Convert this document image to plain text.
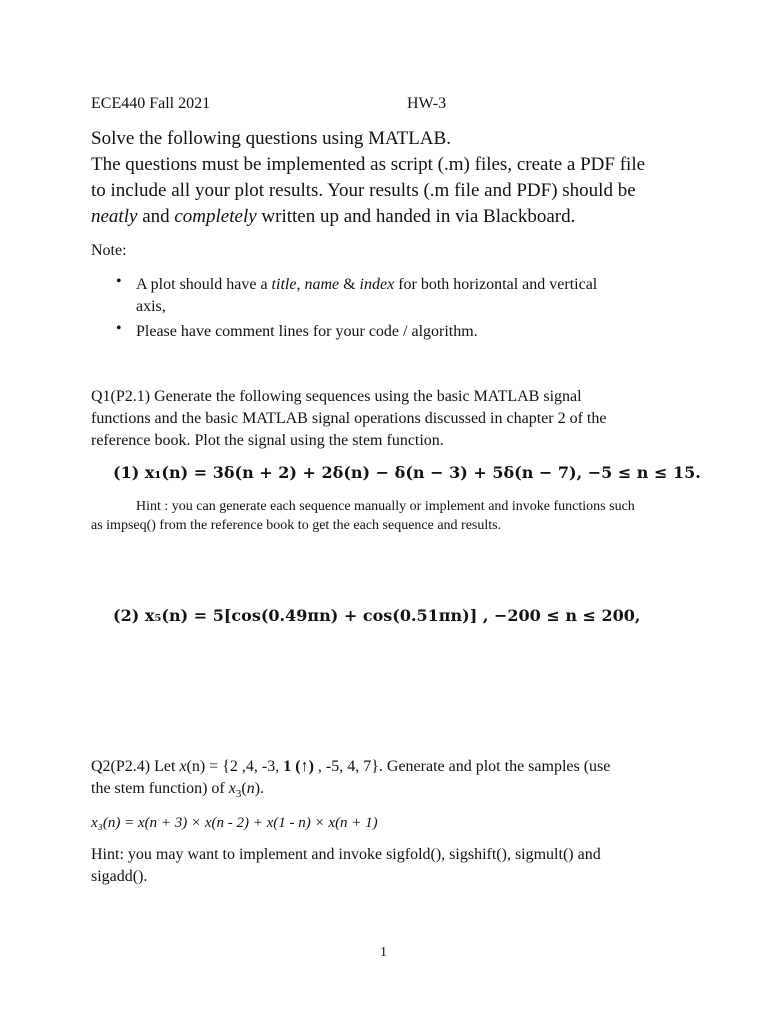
ECE440 Fall 2021	HW-3
Solve the following questions using MATLAB.
The questions must be implemented as script (.m) files, create a PDF file
to include all your plot results. Your results (.m file and PDF) should be
neatly and completely written up and handed in via Blackboard.
Note:
• A plot should have a title, name & index for both horizontal and vertical
axis,
• Please have comment lines for your code / algorithm.
Q1(P2.1) Generate the following sequences using the basic MATLAB signal
functions and the basic MATLAB signal operations discussed in chapter 2 of the
reference book. Plot the signal using the stem function.
(1) x₁(n) = 3δ(n + 2) + 2δ(n) − δ(n − 3) + 5δ(n − 7), −5 ≤ n ≤ 15.
Hint : you can generate each sequence manually or implement and invoke functions such
as impseq() from the reference book to get the each sequence and results.
(2) x₅(n) = 5[cos(0.49πn) + cos(0.51πn)] , −200 ≤ n ≤ 200,
Q2(P2.4) Let x(n) = {2 ,4, -3, 1 (↑) , -5, 4, 7}. Generate and plot the samples (use
the stem function) of $x_3(n)$.
x₃(n) = x(n + 3) × x(n - 2) + x(1 - n) × x(n + 1)
Hint: you may want to implement and invoke sigfold(), sigshift(), sigmult() and
sigadd().
1
